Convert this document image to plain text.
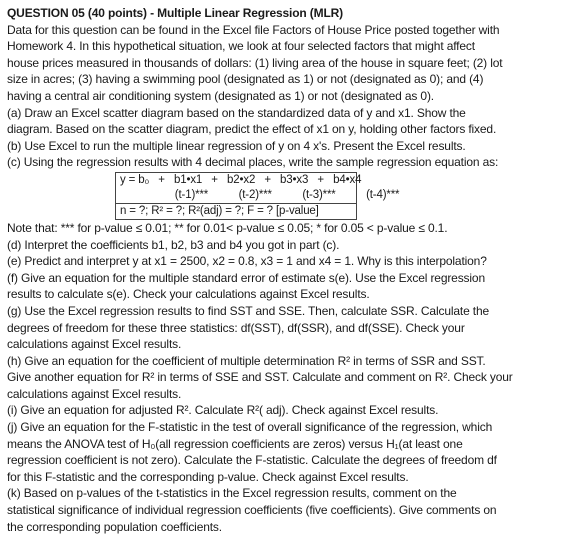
QUESTION 05 (40 points) - Multiple Linear Regression (MLR)
Data for this question can be found in the Excel file Factors of House Price posted together with
Homework 4. In this hypothetical situation, we look at four selected factors that might affect
house prices measured in thousands of dollars: (1) living area of the house in square feet; (2) lot
size in acres; (3) having a swimming pool (designated as 1) or not (designated as 0); and (4)
having a central air conditioning system (designated as 1) or not (designated as 0).
(a) Draw an Excel scatter diagram based on the standardized data of y and x1. Show the
diagram. Based on the scatter diagram, predict the effect of x1 on y, holding other factors fixed.
(b) Use Excel to run the multiple linear regression of y on 4 x's. Present the Excel results.
(c) Using the regression results with 4 decimal places, write the sample regression equation as:
y = b₀   +   b1•x1   +   b2•x2   +   b3•x3   +   b4•x4
(t-1)***          (t-2)***          (t-3)***          (t-4)***
n = ?; R² = ?; R²(adj) = ?; F = ? [p-value]
Note that: *** for p-value ≤ 0.01; ** for 0.01< p-value ≤ 0.05; * for 0.05 < p-value ≤ 0.1.
(d) Interpret the coefficients b1, b2, b3 and b4 you got in part (c).
(e) Predict and interpret y at x1 = 2500, x2 = 0.8, x3 = 1 and x4 = 1. Why is this interpolation?
(f) Give an equation for the multiple standard error of estimate s(e). Use the Excel regression
results to calculate s(e). Check your calculations against Excel results.
(g) Use the Excel regression results to find SST and SSE. Then, calculate SSR. Calculate the
degrees of freedom for these three statistics: df(SST), df(SSR), and df(SSE). Check your
calculations against Excel results.
(h) Give an equation for the coefficient of multiple determination R² in terms of SSR and SST.
Give another equation for R² in terms of SSE and SST. Calculate and comment on R². Check your
calculations against Excel results.
(i) Give an equation for adjusted R². Calculate R²( adj). Check against Excel results.
(j) Give an equation for the F-statistic in the test of overall significance of the regression, which
means the ANOVA test of H₀(all regression coefficients are zeros) versus H₁(at least one
regression coefficient is not zero). Calculate the F-statistic. Calculate the degrees of freedom df
for this F-statistic and the corresponding p-value. Check against Excel results.
(k) Based on p-values of the t-statistics in the Excel regression results, comment on the
statistical significance of individual regression coefficients (five coefficients). Give comments on
the corresponding population coefficients.
